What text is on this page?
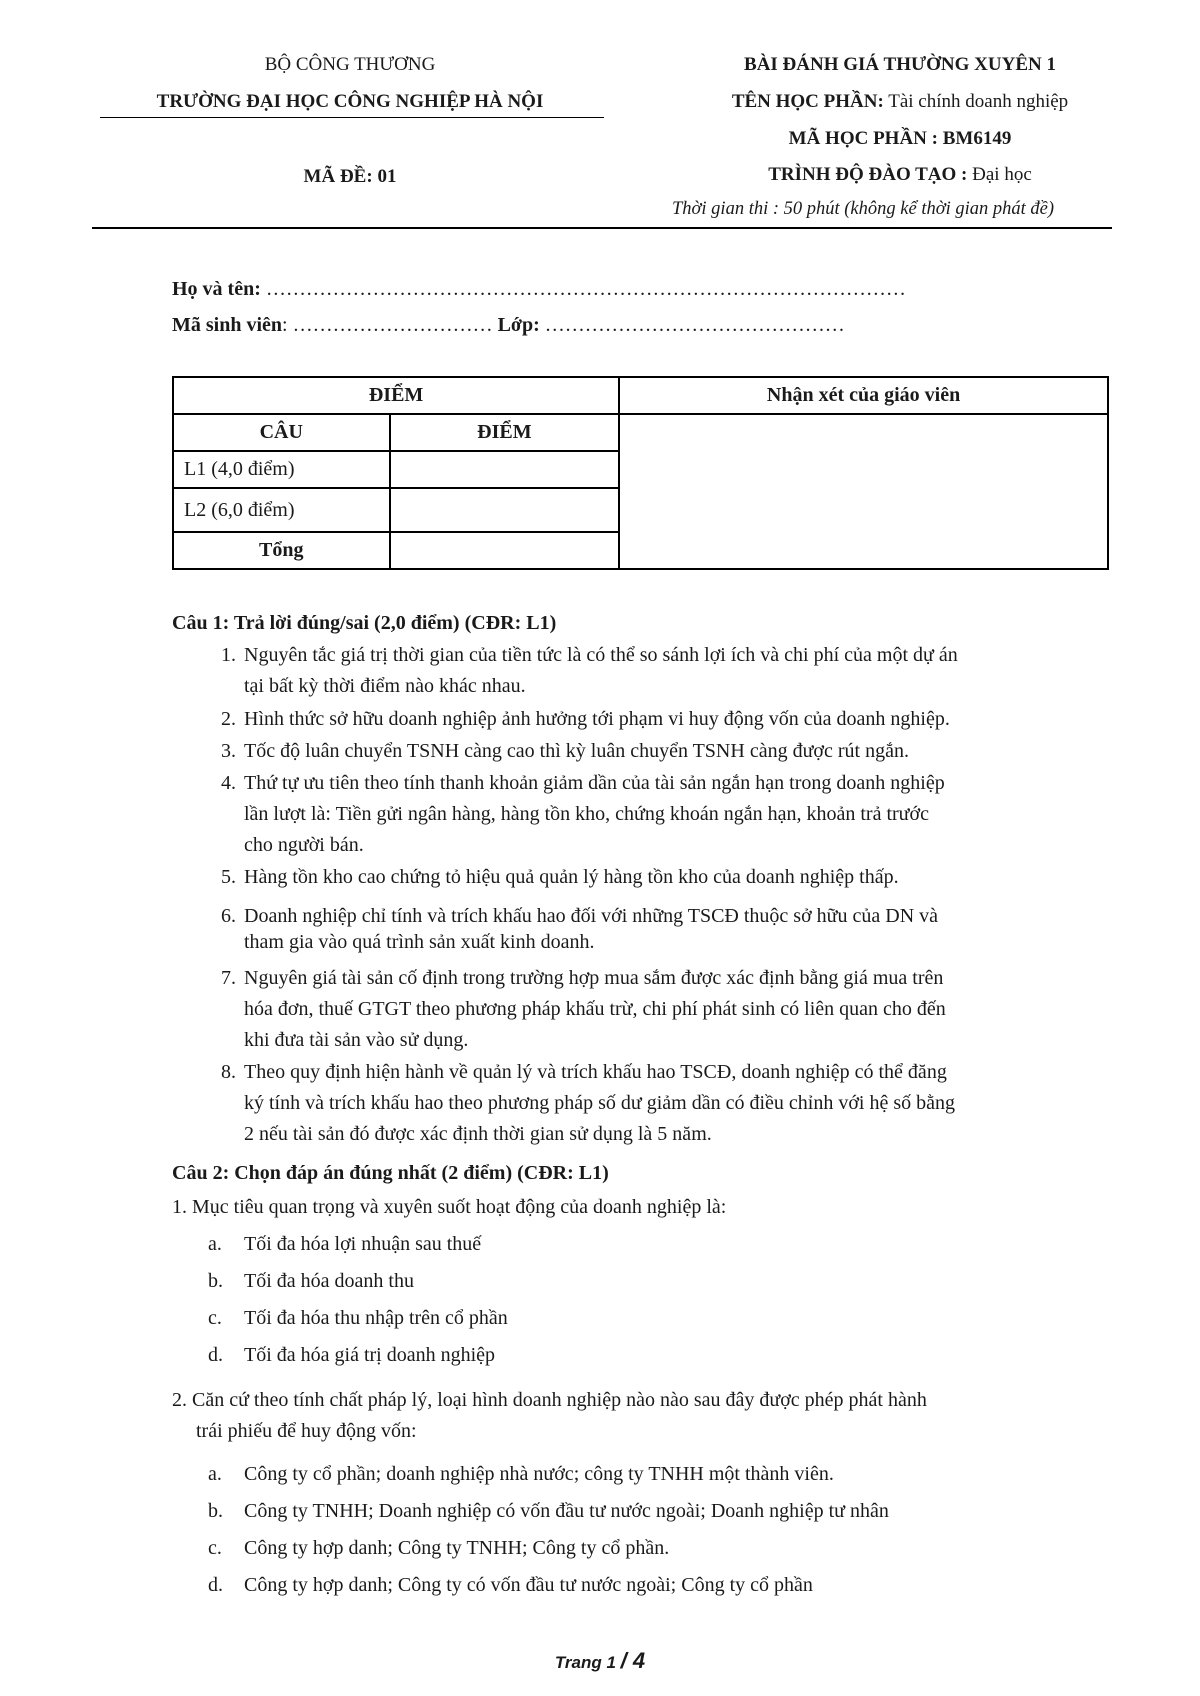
BỘ CÔNG THƯƠNG
TRƯỜNG ĐẠI HỌC CÔNG NGHIỆP HÀ NỘI
MÃ ĐỀ: 01
BÀI ĐÁNH GIÁ THƯỜNG XUYÊN 1
TÊN HỌC PHẦN: Tài chính doanh nghiệp
MÃ HỌC PHẦN : BM6149
TRÌNH ĐỘ ĐÀO TẠO : Đại học
Thời gian thi : 50 phút (không kể thời gian phát đề)
Họ và tên: ……………………………………………………………………………………
Mã sinh viên: ………………………… Lớp: ………………………………………
ĐIỂM		Nhận xét của giáo viên
CÂU	ĐIỂM	
L1 (4,0 điểm)		
L2 (6,0 điểm)		
Tổng		
Câu 1: Trả lời đúng/sai (2,0 điểm) (CĐR: L1)
1. Nguyên tắc giá trị thời gian của tiền tức là có thể so sánh lợi ích và chi phí của một dự án
tại bất kỳ thời điểm nào khác nhau.
2. Hình thức sở hữu doanh nghiệp ảnh hưởng tới phạm vi huy động vốn của doanh nghiệp.
3. Tốc độ luân chuyển TSNH càng cao thì kỳ luân chuyển TSNH càng được rút ngắn.
4. Thứ tự ưu tiên theo tính thanh khoản giảm dần của tài sản ngắn hạn trong doanh nghiệp
lần lượt là: Tiền gửi ngân hàng, hàng tồn kho, chứng khoán ngắn hạn, khoản trả trước
cho người bán.
5. Hàng tồn kho cao chứng tỏ hiệu quả quản lý hàng tồn kho của doanh nghiệp thấp.
6. Doanh nghiệp chỉ tính và trích khấu hao đối với những TSCĐ thuộc sở hữu của DN và
tham gia vào quá trình sản xuất kinh doanh.
7. Nguyên giá tài sản cố định trong trường hợp mua sắm được xác định bằng giá mua trên
hóa đơn, thuế GTGT theo phương pháp khấu trừ, chi phí phát sinh có liên quan cho đến
khi đưa tài sản vào sử dụng.
8. Theo quy định hiện hành về quản lý và trích khấu hao TSCĐ, doanh nghiệp có thể đăng
ký tính và trích khấu hao theo phương pháp số dư giảm dần có điều chỉnh với hệ số bằng
2 nếu tài sản đó được xác định thời gian sử dụng là 5 năm.
Câu 2: Chọn đáp án đúng nhất (2 điểm) (CĐR: L1)
1. Mục tiêu quan trọng và xuyên suốt hoạt động của doanh nghiệp là:
a. Tối đa hóa lợi nhuận sau thuế
b. Tối đa hóa doanh thu
c. Tối đa hóa thu nhập trên cổ phần
d. Tối đa hóa giá trị doanh nghiệp
2. Căn cứ theo tính chất pháp lý, loại hình doanh nghiệp nào nào sau đây được phép phát hành
trái phiếu để huy động vốn:
a. Công ty cổ phần; doanh nghiệp nhà nước; công ty TNHH một thành viên.
b. Công ty TNHH; Doanh nghiệp có vốn đầu tư nước ngoài; Doanh nghiệp tư nhân
c. Công ty hợp danh; Công ty TNHH; Công ty cổ phần.
d. Công ty hợp danh; Công ty có vốn đầu tư nước ngoài; Công ty cổ phần
Trang 1 / 4
